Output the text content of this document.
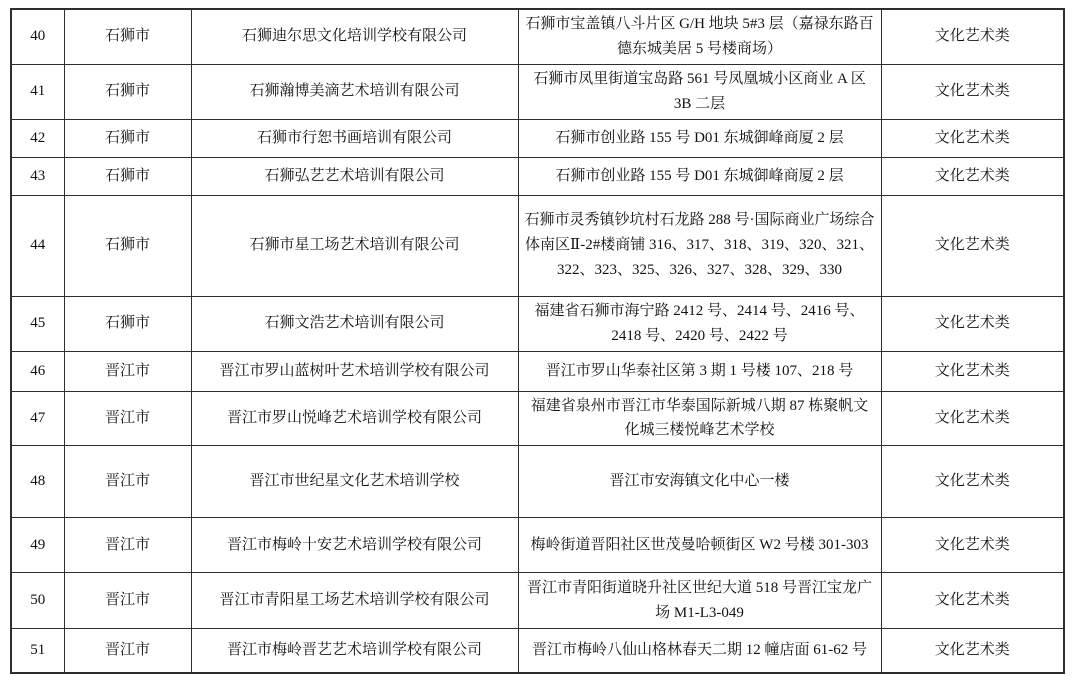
40	石狮市	石狮迪尔思文化培训学校有限公司	石狮市宝盖镇八斗片区 G/H 地块 5#3 层（嘉禄东路百德东城美居 5 号楼商场）	文化艺术类
41	石狮市	石狮瀚博美滴艺术培训有限公司	石狮市凤里街道宝岛路 561 号凤凰城小区商业 A 区 3B 二层	文化艺术类
42	石狮市	石狮市行恕书画培训有限公司	石狮市创业路 155 号 D01 东城御峰商厦 2 层	文化艺术类
43	石狮市	石狮弘艺艺术培训有限公司	石狮市创业路 155 号 D01 东城御峰商厦 2 层	文化艺术类
44	石狮市	石狮市星工场艺术培训有限公司	石狮市灵秀镇钞坑村石龙路 288 号·国际商业广场综合体南区Ⅱ-2#楼商铺 316、317、318、319、320、321、322、323、325、326、327、328、329、330	文化艺术类
45	石狮市	石狮文浩艺术培训有限公司	福建省石狮市海宁路 2412 号、2414 号、2416 号、2418 号、2420 号、2422 号	文化艺术类
46	晋江市	晋江市罗山蓝树叶艺术培训学校有限公司	晋江市罗山华泰社区第 3 期 1 号楼 107、218 号	文化艺术类
47	晋江市	晋江市罗山悦峰艺术培训学校有限公司	福建省泉州市晋江市华泰国际新城八期 87 栋聚帆文化城三楼悦峰艺术学校	文化艺术类
48	晋江市	晋江市世纪星文化艺术培训学校	晋江市安海镇文化中心一楼	文化艺术类
49	晋江市	晋江市梅岭十安艺术培训学校有限公司	梅岭街道晋阳社区世茂曼哈顿街区 W2 号楼 301-303	文化艺术类
50	晋江市	晋江市青阳星工场艺术培训学校有限公司	晋江市青阳街道晓升社区世纪大道 518 号晋江宝龙广场 M1-L3-049	文化艺术类
51	晋江市	晋江市梅岭晋艺艺术培训学校有限公司	晋江市梅岭八仙山格林春天二期 12 幢店面 61-62 号	文化艺术类
